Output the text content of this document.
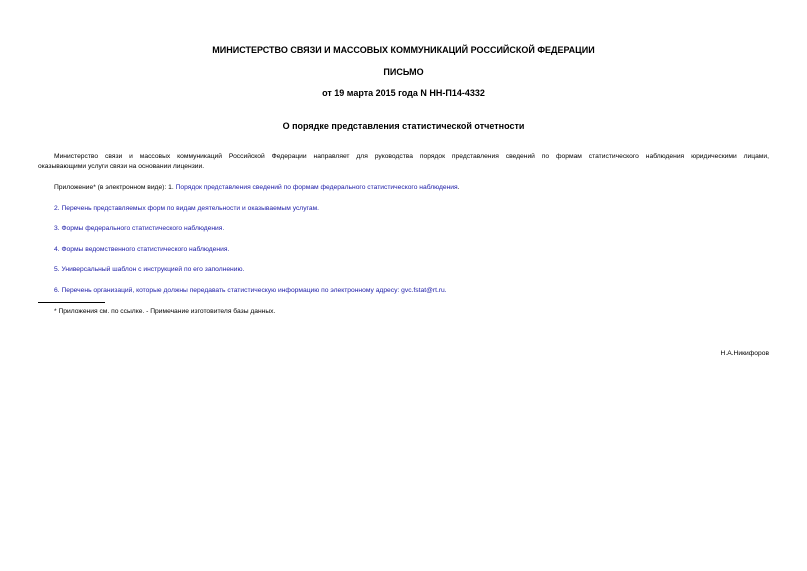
МИНИСТЕРСТВО СВЯЗИ И МАССОВЫХ КОММУНИКАЦИЙ РОССИЙСКОЙ ФЕДЕРАЦИИ
ПИСЬМО
от 19 марта 2015 года N НН-П14-4332
О порядке представления статистической отчетности
Министерство связи и массовых коммуникаций Российской Федерации направляет для руководства порядок представления сведений по формам статистического наблюдения юридическими лицами,
оказывающими услуги связи на основании лицензии.
Приложение* (в электронном виде): 1. Порядок представления сведений по формам федерального статистического наблюдения.
2. Перечень представляемых форм по видам деятельности и оказываемым услугам.
3. Формы федерального статистического наблюдения.
4. Формы ведомственного статистического наблюдения.
5. Универсальный шаблон с инструкцией по его заполнению.
6. Перечень организаций, которые должны передавать статистическую информацию по электронному адресу: gvc.fstat@rt.ru.
* Приложения см. по ссылке. - Примечание изготовителя базы данных.
Н.А.Никифоров
